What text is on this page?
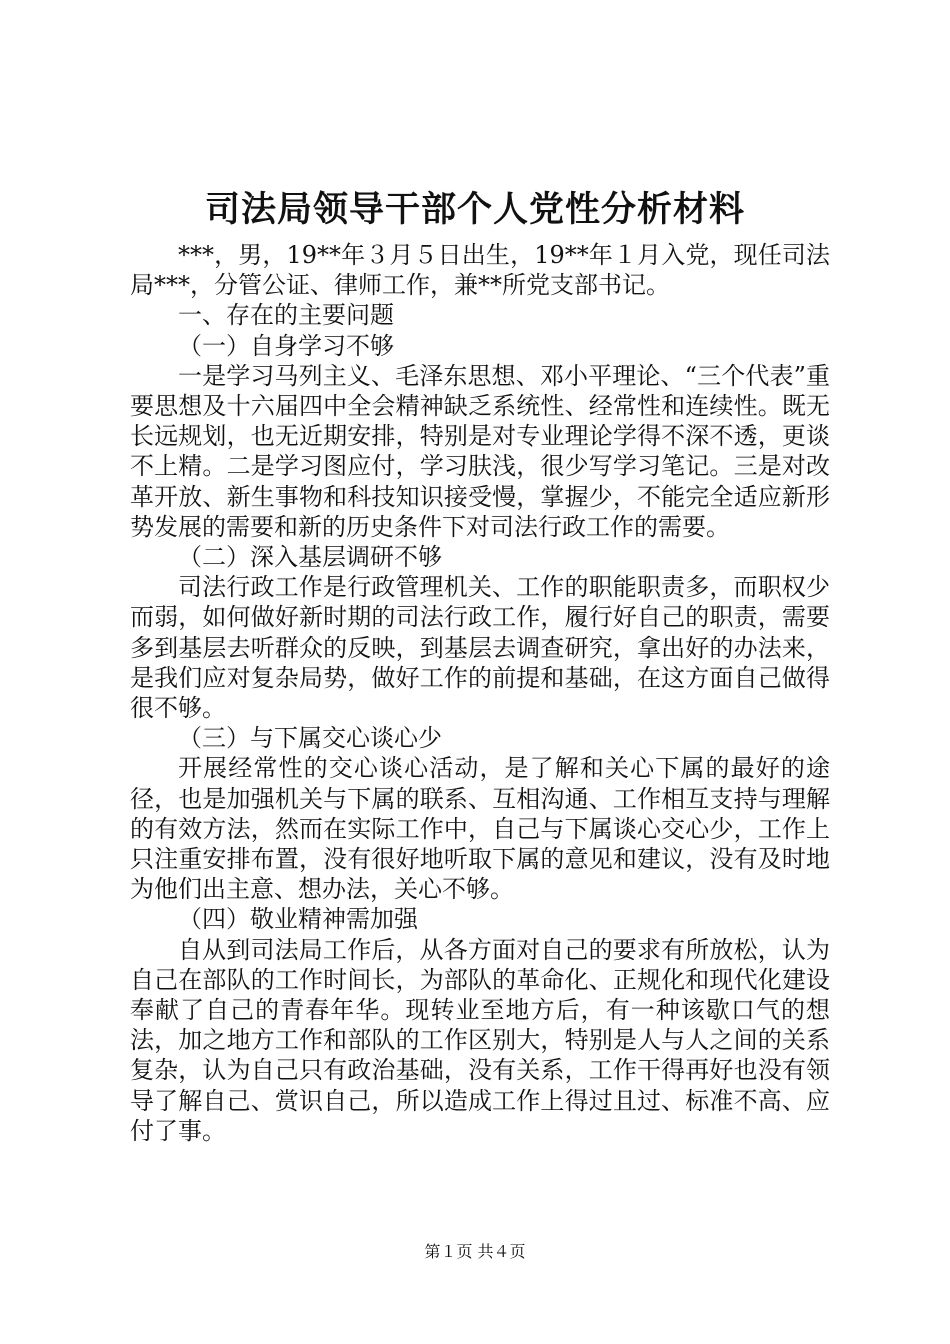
司法局领导干部个人党性分析材料

***，男，19**年３月５日出生，19**年１月入党，现任司法局***，分管公证、律师工作，兼**所党支部书记。

一、存在的主要问题

（一）自身学习不够

一是学习马列主义、毛泽东思想、邓小平理论、“三个代表”重要思想及十六届四中全会精神缺乏系统性、经常性和连续性。既无长远规划，也无近期安排，特别是对专业理论学得不深不透，更谈不上精。二是学习图应付，学习肤浅，很少写学习笔记。三是对改革开放、新生事物和科技知识接受慢，掌握少，不能完全适应新形势发展的需要和新的历史条件下对司法行政工作的需要。

（二）深入基层调研不够

司法行政工作是行政管理机关、工作的职能职责多，而职权少而弱，如何做好新时期的司法行政工作，履行好自己的职责，需要多到基层去听群众的反映，到基层去调查研究，拿出好的办法来，是我们应对复杂局势，做好工作的前提和基础，在这方面自己做得很不够。

（三）与下属交心谈心少

开展经常性的交心谈心活动，是了解和关心下属的最好的途径，也是加强机关与下属的联系、互相沟通、工作相互支持与理解的有效方法，然而在实际工作中，自己与下属谈心交心少，工作上只注重安排布置，没有很好地听取下属的意见和建议，没有及时地为他们出主意、想办法，关心不够。

（四）敬业精神需加强

自从到司法局工作后，从各方面对自己的要求有所放松，认为自己在部队的工作时间长，为部队的革命化、正规化和现代化建设奉献了自己的青春年华。现转业至地方后，有一种该歇口气的想法，加之地方工作和部队的工作区别大，特别是人与人之间的关系复杂，认为自己只有政治基础，没有关系，工作干得再好也没有领导了解自己、赏识自己，所以造成工作上得过且过、标准不高、应付了事。

第１页 共４页
